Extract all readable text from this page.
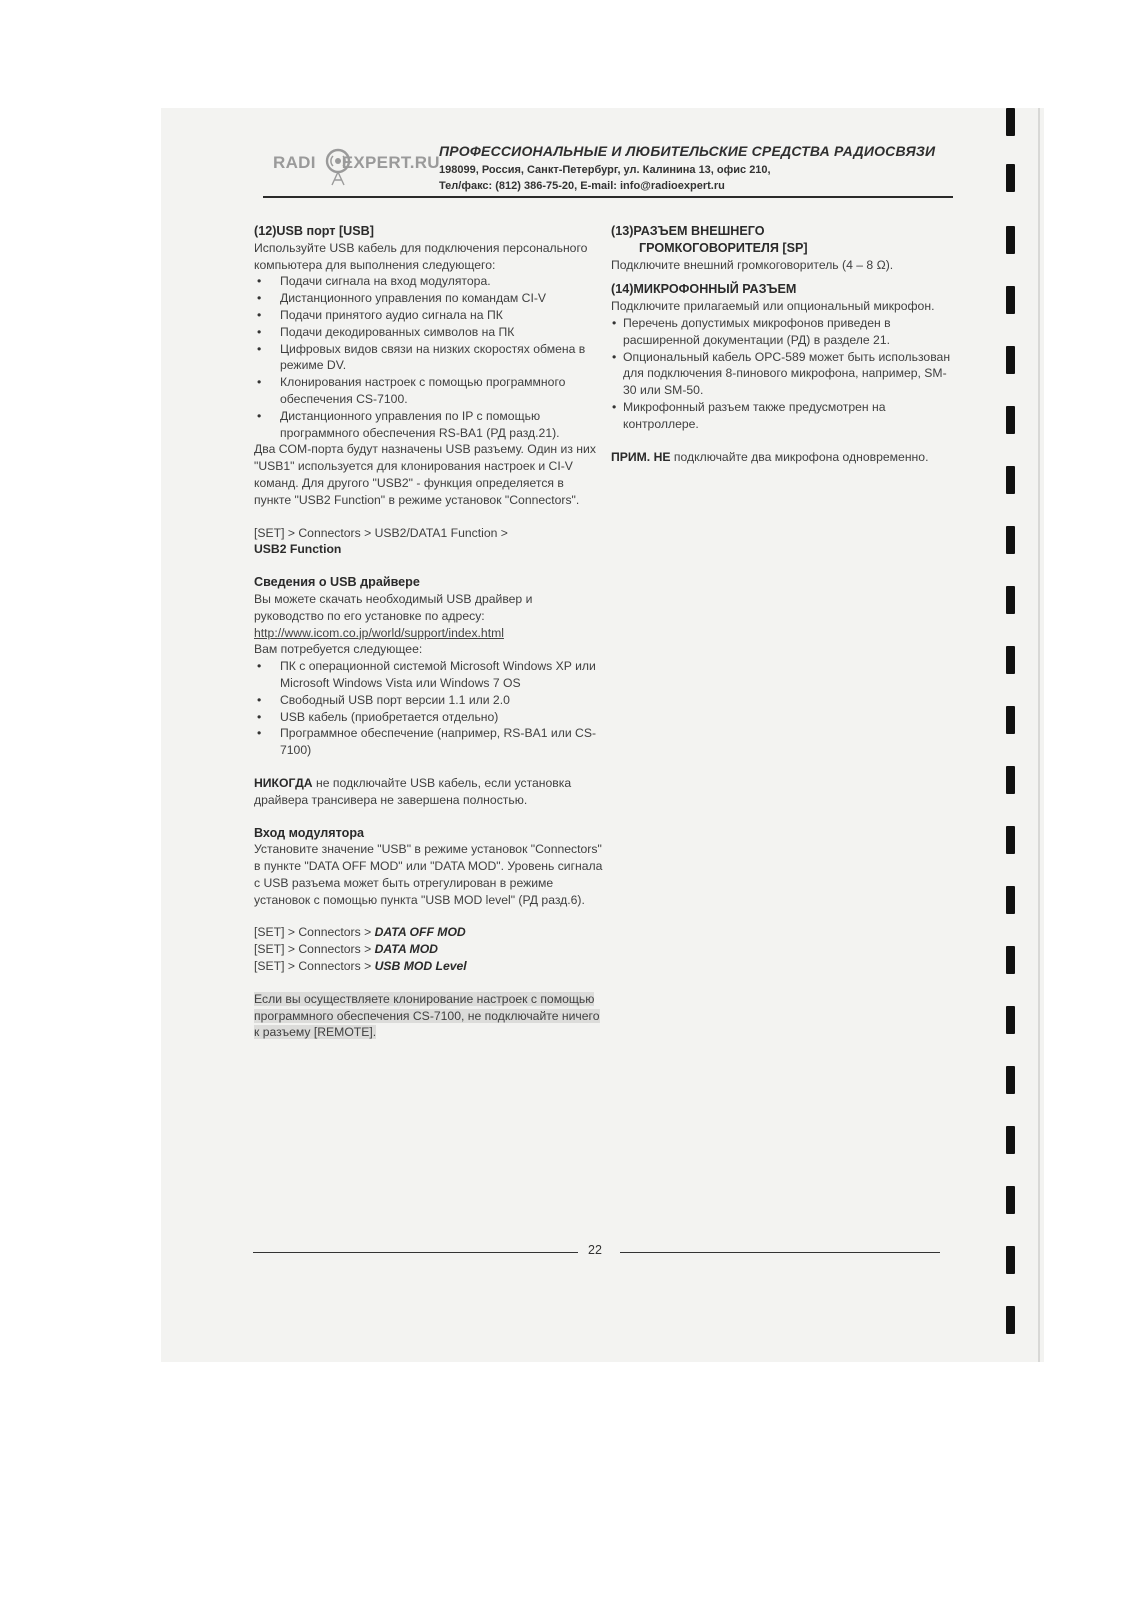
RADI EXPERT.RU
ПРОФЕССИОНАЛЬНЫЕ И ЛЮБИТЕЛЬСКИЕ СРЕДСТВА РАДИОСВЯЗИ
198099, Россия, Санкт-Петербург, ул. Калинина 13, офис 210,
Тел/факс: (812) 386-75-20, E-mail: info@radioexpert.ru
(12)USB порт [USB]

Используйте USB кабель для подключения персонального компьютера для выполнения следующего:

• Подачи сигнала на вход модулятора.
• Дистанционного управления по командам CI-V
• Подачи принятого аудио сигнала на ПК
• Подачи декодированных символов на ПК
• Цифровых видов связи на низких скоростях обмена в режиме DV.
• Клонирования настроек с помощью программного обеспечения CS-7100.
• Дистанционного управления по IP с помощью программного обеспечения RS-BA1 (РД разд.21).

Два COM-порта будут назначены USB разъему. Один из них "USB1" используется для клонирования настроек и CI-V команд. Для другого "USB2" - функция определяется в пункте "USB2 Function" в режиме установок "Connectors".

[SET] > Connectors > USB2/DATA1 Function >
USB2 Function

Сведения о USB драйвере

Вы можете скачать необходимый USB драйвер и руководство по его установке по адресу:

http://www.icom.co.jp/world/support/index.html

Вам потребуется следующее:

• ПК с операционной системой Microsoft Windows XP или Microsoft Windows Vista или Windows 7 OS
• Свободный USB порт версии 1.1 или 2.0
• USB кабель (приобретается отдельно)
• Программное обеспечение (например, RS-BA1 или CS-7100)

НИКОГДА не подключайте USB кабель, если установка драйвера трансивера не завершена полностью.

Вход модулятора

Установите значение "USB" в режиме установок "Connectors" в пункте "DATA OFF MOD" или "DATA MOD". Уровень сигнала с USB разъема может быть отрегулирован в режиме установок с помощью пункта "USB MOD level" (РД разд.6).

[SET] > Connectors > DATA OFF MOD

[SET] > Connectors > DATA MOD

[SET] > Connectors > USB MOD Level

Если вы осуществляете клонирование настроек с помощью программного обеспечения CS-7100, не подключайте ничего к разъему [REMOTE].

(13)РАЗЪЕМ ВНЕШНЕГО
ГРОМКОГОВОРИТЕЛЯ [SP]

Подключите внешний громкоговоритель (4 – 8 Ω).

(14)МИКРОФОННЫЙ РАЗЪЕМ

Подключите прилагаемый или опциональный микрофон.

• Перечень допустимых микрофонов приведен в расширенной документации (РД) в разделе 21.
• Опциональный кабель OPC-589 может быть использован для подключения 8-пинового микрофона, например, SM-30 или SM-50.
• Микрофонный разъем также предусмотрен на контроллере.

ПРИМ. НЕ подключайте два микрофона одновременно.

22
